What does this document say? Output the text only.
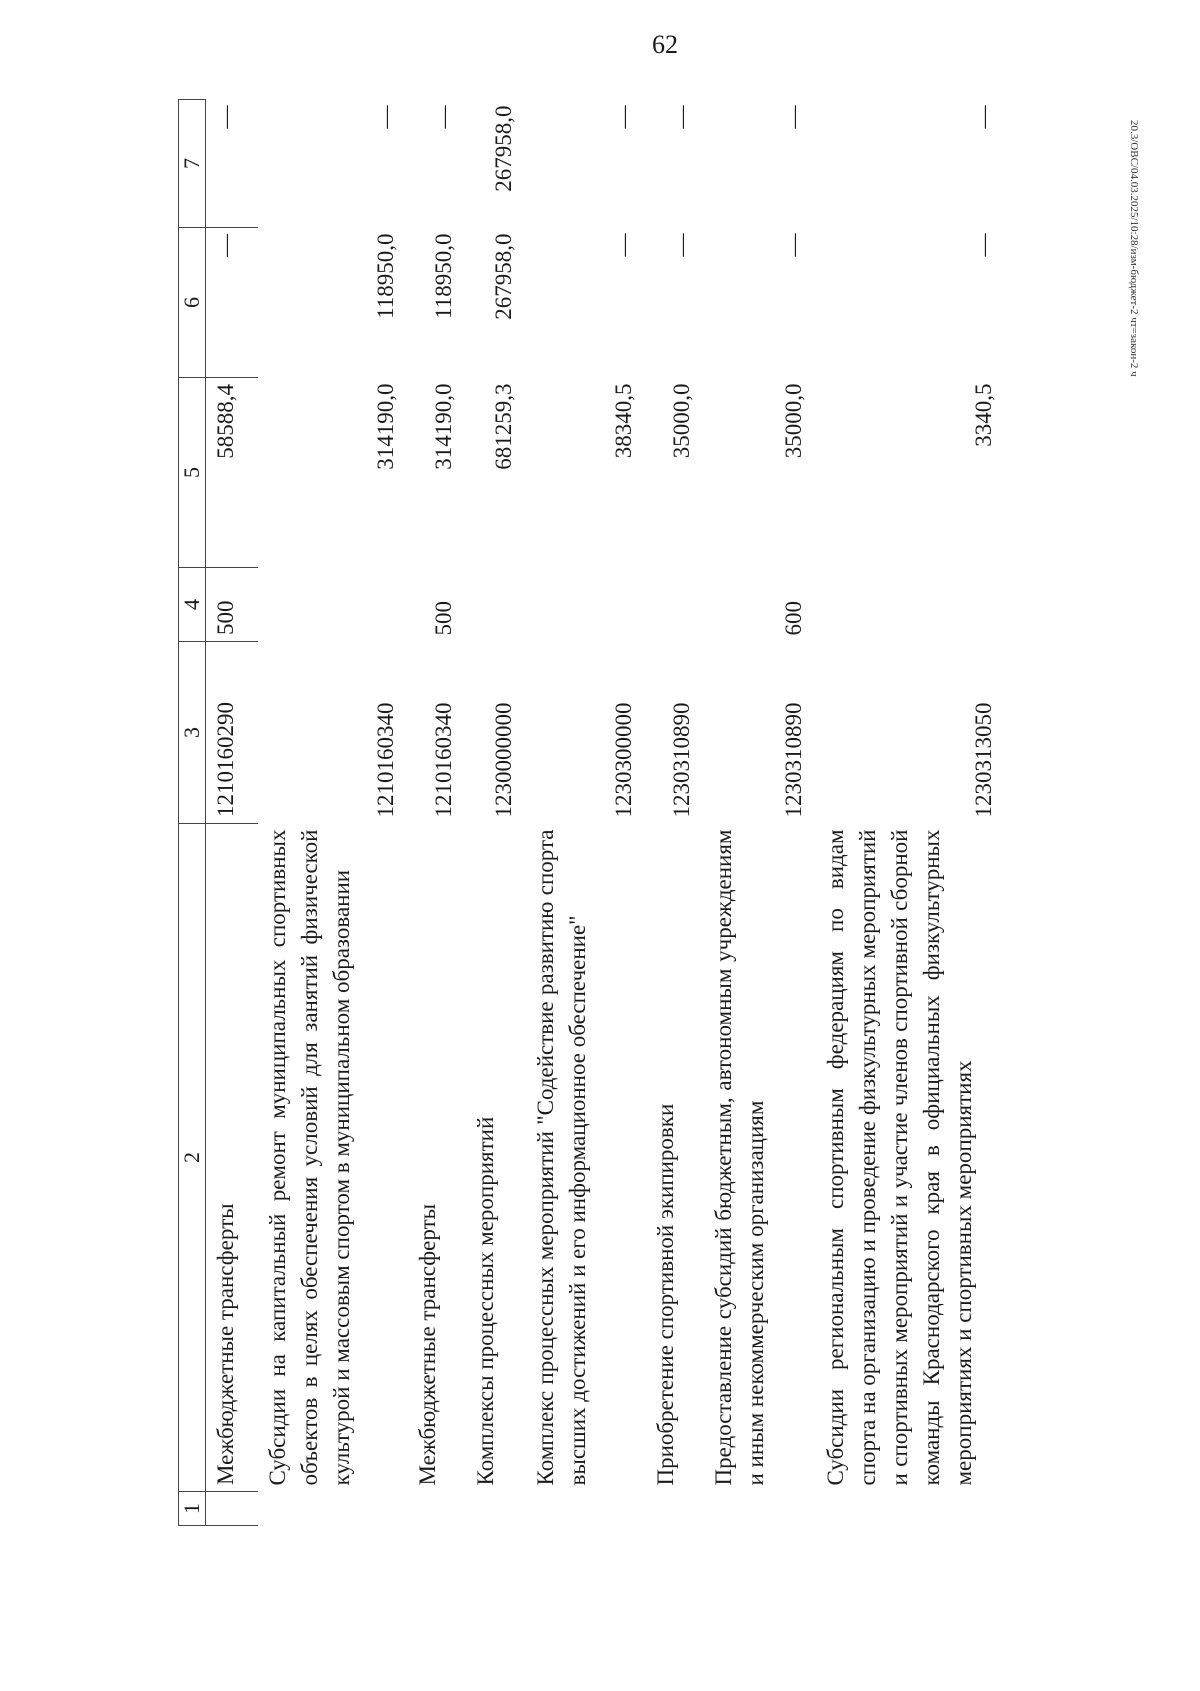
62
20.3/ОВС/04.03.2025/10:28/изм-бюджет-2 чт=закон-2 ч
1	2	3	4	5	6	7
	Межбюджетные трансферты	1210160290	500	58588,4	—	—
	Субсидии на капитальный ремонт муниципальных спортивных объектов в целях обеспечения условий для занятий физической культурой и массовым спортом в муниципальном образовании	1210160340		314190,0	118950,0	—
	Межбюджетные трансферты	1210160340	500	314190,0	118950,0	—
	Комплексы процессных мероприятий	1230000000		681259,3	267958,0	267958,0
	Комплекс процессных мероприятий "Содействие развитию спорта высших достижений и его информационное обеспечение"	1230300000		38340,5	—	—
	Приобретение спортивной экипировки	1230310890		35000,0	—	—
	Предоставление субсидий бюджетным, автономным учреждениям и иным некоммерческим организациям	1230310890	600	35000,0	—	—
	Субсидии региональным спортивным федерациям по видам спорта на организацию и проведение физкультурных мероприятий и спортивных мероприятий и участие членов спортивной сборной команды Краснодарского края в официальных физкультурных мероприятиях и спортивных мероприятиях	1230313050		3340,5	—	—
